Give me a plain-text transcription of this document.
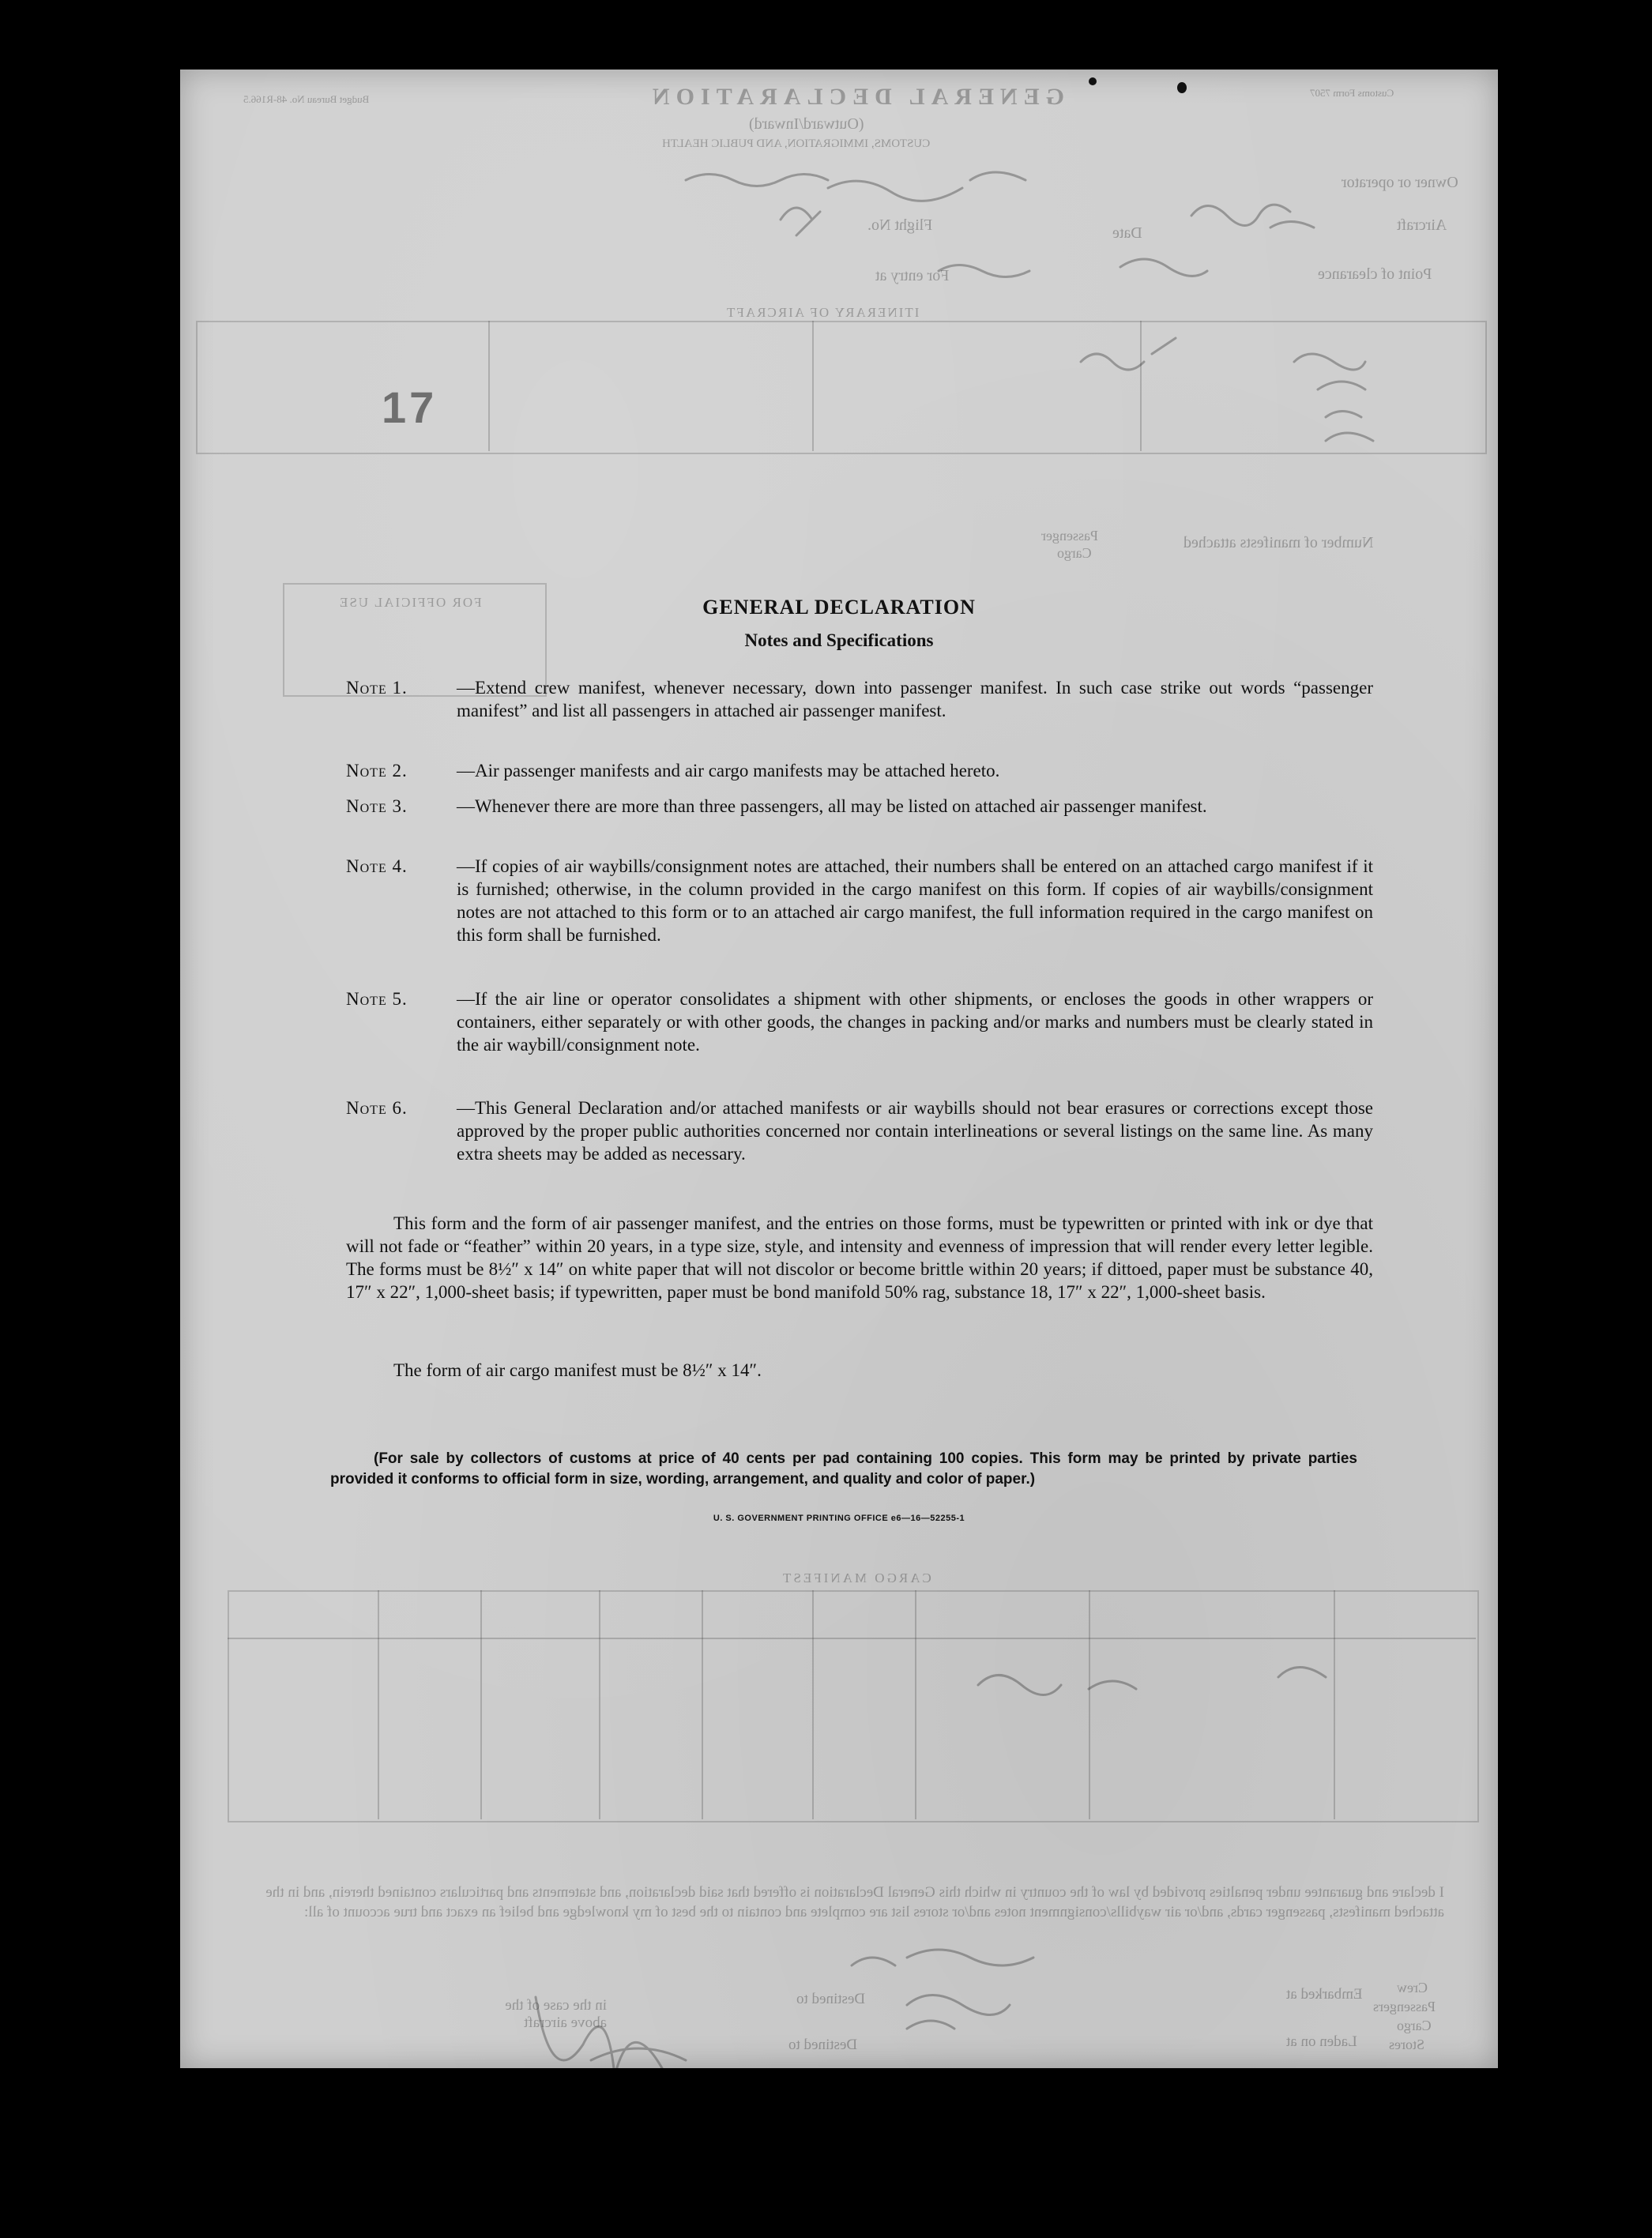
GENERAL DECLARATION
(Outward/Inward)
CUSTOMS, IMMIGRATION, AND PUBLIC HEALTH
Budget Bureau No. 48-R166.5
Customs Form 7507
Owner or operator
Aircraft
Flight No.	Date
Point of clearance
For entry at
ITINERARY OF AIRCRAFT
Number of manifests attached
Passenger
Cargo
FOR OFFICIAL USE
CARGO MANIFEST
I declare and guarantee under penalties provided by law of the country in which this General Declaration is offered that said declaration, and statements and particulars contained therein, and in the attached manifests, passenger cards, and/or air waybills/consignment notes and/or stores list are complete and contain to the best of my knowledge and belief an exact and true account of all:
Crew
Passengers
Cargo
Stores
Embarked at
Laden on at
Destined to
Destined to
in the case of the above aircraft
17
GENERAL DECLARATION
Notes and Specifications
Note 1.	—Extend crew manifest, whenever necessary, down into passenger manifest. In such case strike out words “passenger manifest” and list all passengers in attached air passenger manifest.
Note 2.	—Air passenger manifests and air cargo manifests may be attached hereto.
Note 3.	—Whenever there are more than three passengers, all may be listed on attached air passenger manifest.
Note 4.	—If copies of air waybills/consignment notes are attached, their numbers shall be entered on an attached cargo manifest if it is furnished; otherwise, in the column provided in the cargo manifest on this form. If copies of air waybills/consignment notes are not attached to this form or to an attached air cargo manifest, the full information required in the cargo manifest on this form shall be furnished.
Note 5.	—If the air line or operator consolidates a shipment with other shipments, or encloses the goods in other wrappers or containers, either separately or with other goods, the changes in packing and/or marks and numbers must be clearly stated in the air waybill/consignment note.
Note 6.	—This General Declaration and/or attached manifests or air waybills should not bear erasures or corrections except those approved by the proper public authorities concerned nor contain interlineations or several listings on the same line. As many extra sheets may be added as necessary.
This form and the form of air passenger manifest, and the entries on those forms, must be typewritten or printed with ink or dye that will not fade or “feather” within 20 years, in a type size, style, and intensity and evenness of impression that will render every letter legible. The forms must be 8½″ x 14″ on white paper that will not discolor or become brittle within 20 years; if dittoed, paper must be substance 40, 17″ x 22″, 1,000-sheet basis; if typewritten, paper must be bond manifold 50% rag, substance 18, 17″ x 22″, 1,000-sheet basis.
The form of air cargo manifest must be 8½″ x 14″.
(For sale by collectors of customs at price of 40 cents per pad containing 100 copies. This form may be printed by private parties provided it conforms to official form in size, wording, arrangement, and quality and color of paper.)
U. S. GOVERNMENT PRINTING OFFICE e6—16—52255-1
